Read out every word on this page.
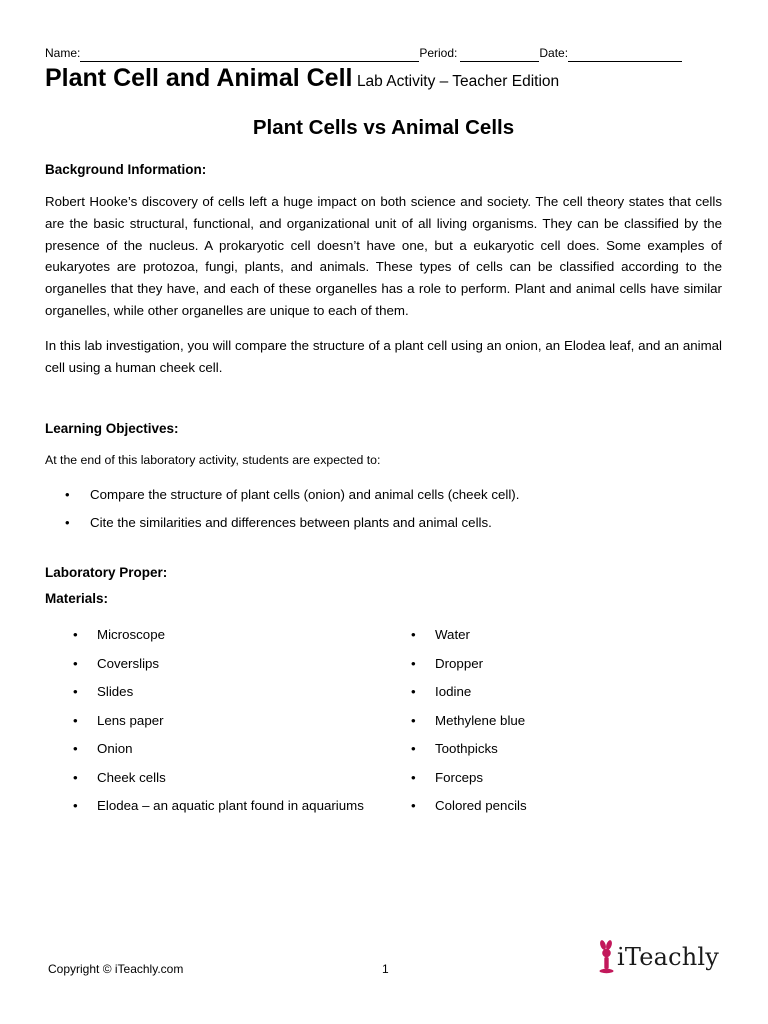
Name:	Period:	Date:
Plant Cell and Animal Cell Lab Activity – Teacher Edition
Plant Cells vs Animal Cells
Background Information:

Robert Hooke’s discovery of cells left a huge impact on both science and society. The cell theory states that cells are the basic structural, functional, and organizational unit of all living organisms. They can be classified by the presence of the nucleus. A prokaryotic cell doesn’t have one, but a eukaryotic cell does. Some examples of eukaryotes are protozoa, fungi, plants, and animals. These types of cells can be classified according to the organelles that they have, and each of these organelles has a role to perform. Plant and animal cells have similar organelles, while other organelles are unique to each of them.

In this lab investigation, you will compare the structure of a plant cell using an onion, an Elodea leaf, and an animal cell using a human cheek cell.

Learning Objectives:
At the end of this laboratory activity, students are expected to:
• Compare the structure of plant cells (onion) and animal cells (cheek cell).
• Cite the similarities and differences between plants and animal cells.
Laboratory Proper:
Materials:
• Microscope
• Coverslips
• Slides
• Lens paper
• Onion
• Cheek cells
• Elodea – an aquatic plant found in aquariums
• Water
• Dropper
• Iodine
• Methylene blue
• Toothpicks
• Forceps
• Colored pencils
Copyright © iTeachly.com	1	iTeachly
